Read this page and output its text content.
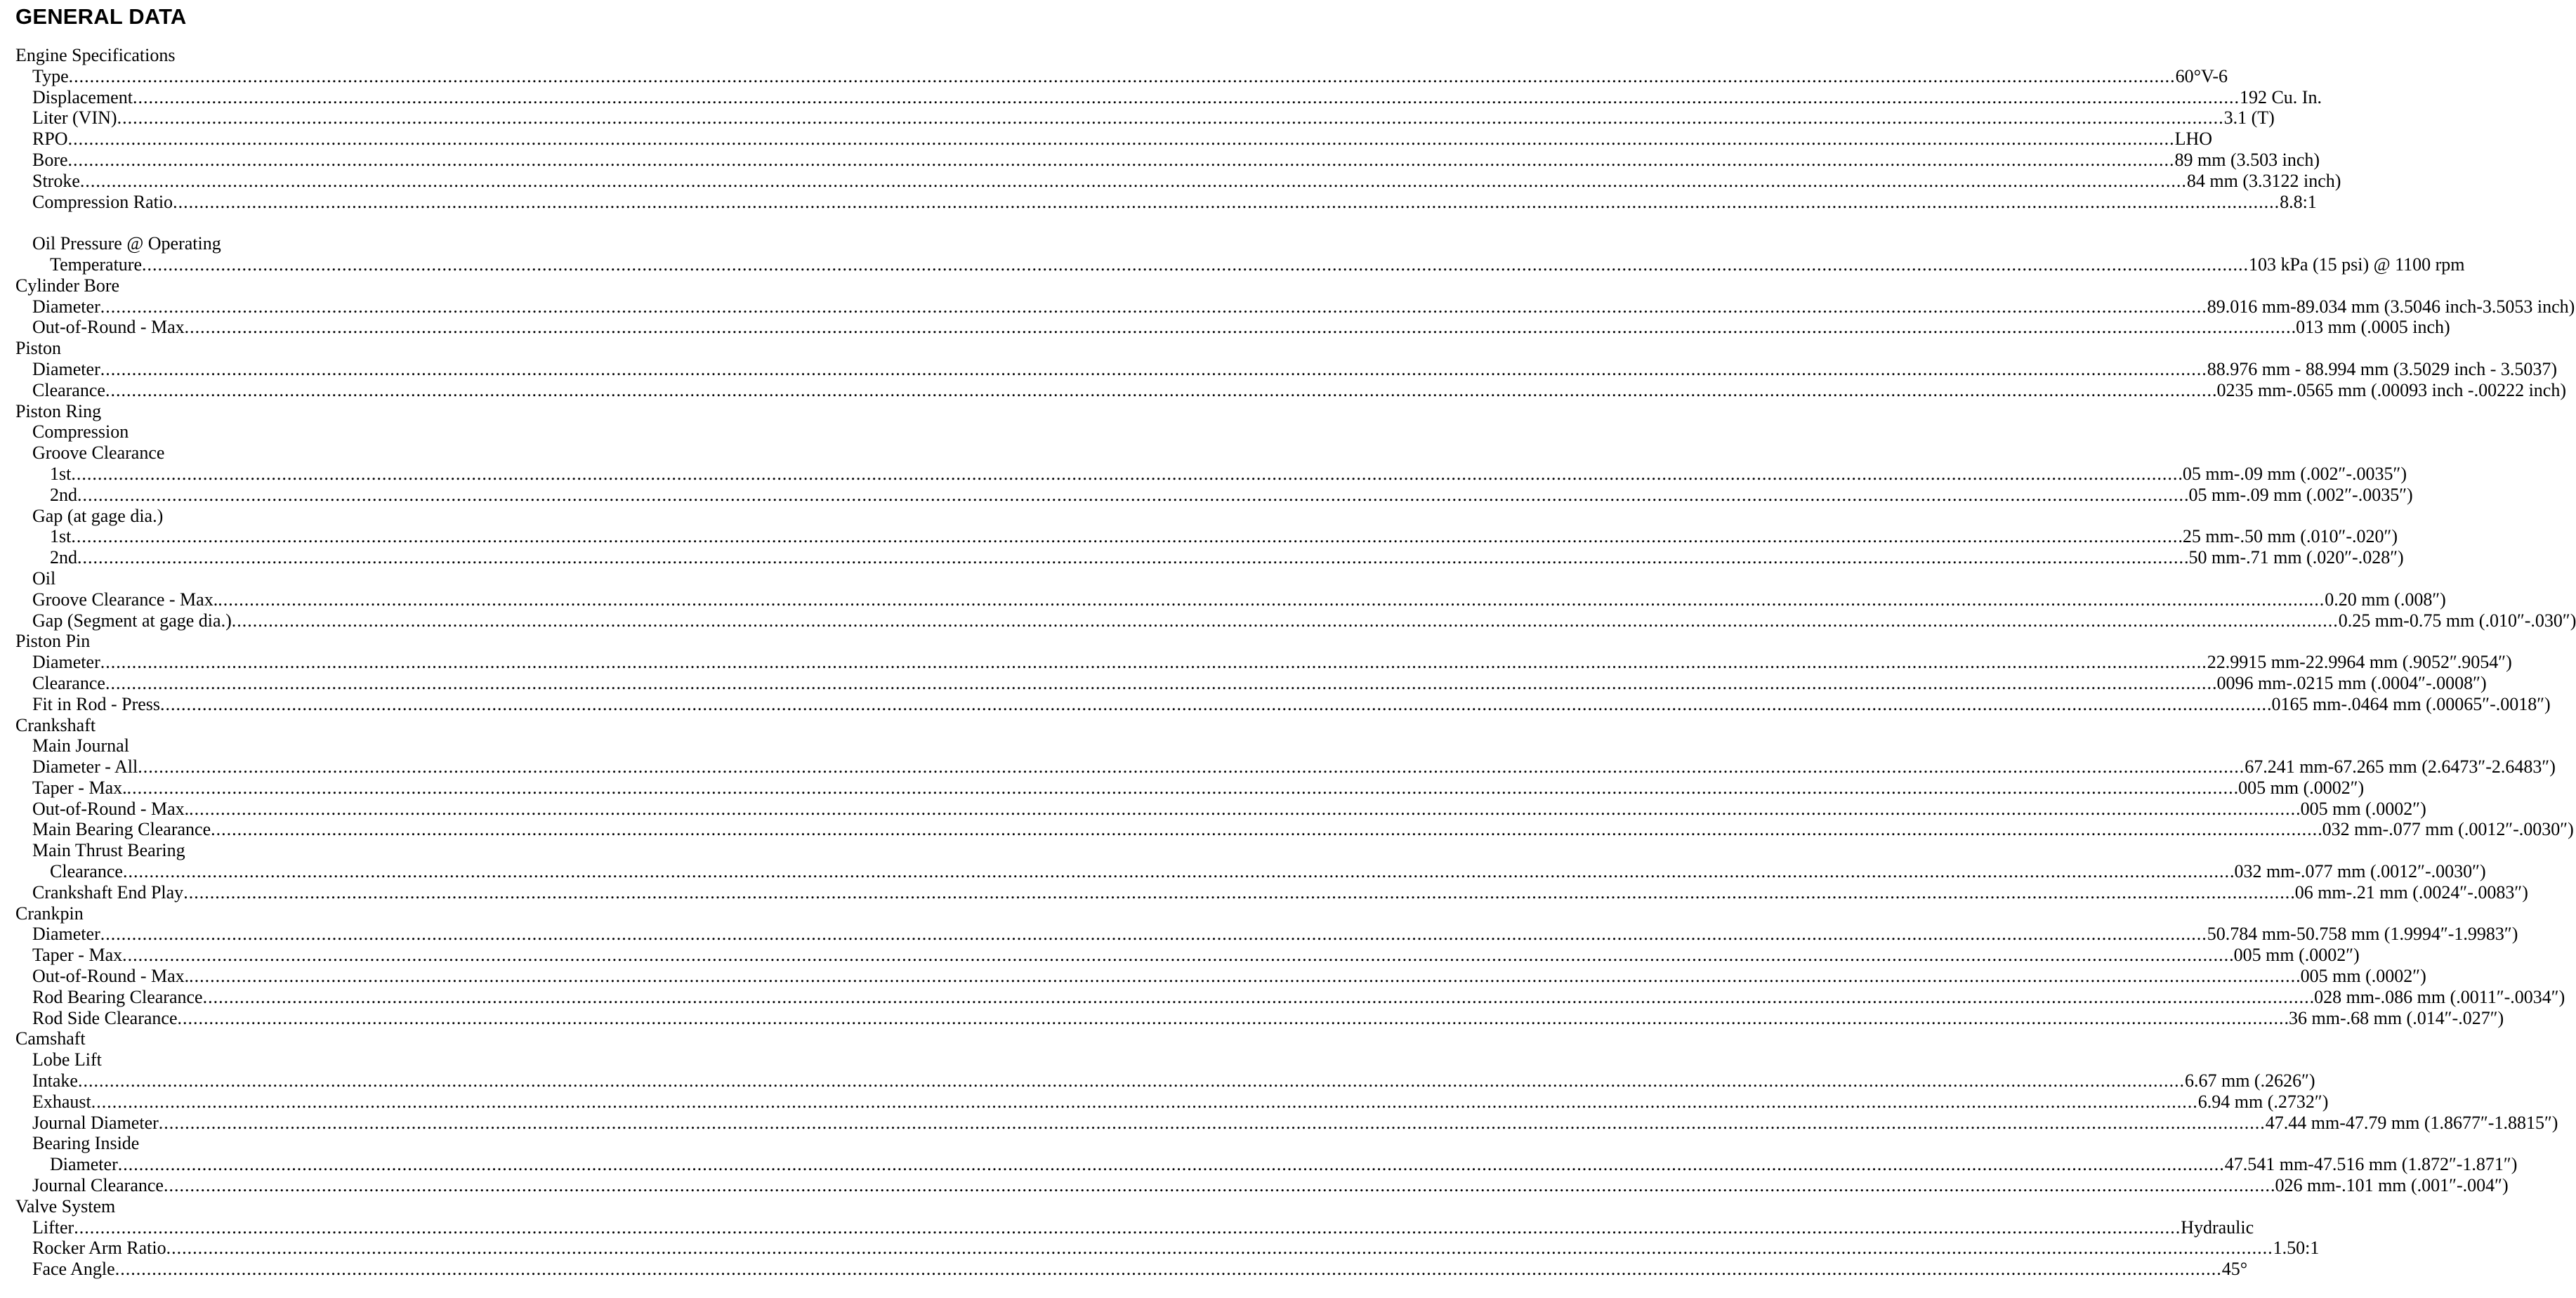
GENERAL DATA
Engine Specifications
Type ................................................................................................................................................................................................................................................................................................................................................................................................................ 60°V-6
Displacement ................................................................................................................................................................................................................................................................................................................................................................................................................ 192 Cu. In.
Liter (VIN) ................................................................................................................................................................................................................................................................................................................................................................................................................ 3.1 (T)
RPO ................................................................................................................................................................................................................................................................................................................................................................................................................ LHO
Bore ................................................................................................................................................................................................................................................................................................................................................................................................................ 89 mm (3.503 inch)
Stroke ................................................................................................................................................................................................................................................................................................................................................................................................................ 84 mm (3.3122 inch)
Compression Ratio ................................................................................................................................................................................................................................................................................................................................................................................................................ 8.8:1
Oil Pressure @ Operating
Temperature ................................................................................................................................................................................................................................................................................................................................................................................................................ 103 kPa (15 psi) @ 1100 rpm
Cylinder Bore
Diameter ................................................................................................................................................................................................................................................................................................................................................................................................................ 89.016 mm-89.034 mm (3.5046 inch-3.5053 inch)
Out-of-Round - Max ................................................................................................................................................................................................................................................................................................................................................................................................................ .013 mm (.0005 inch)
Piston
Diameter ................................................................................................................................................................................................................................................................................................................................................................................................................ 88.976 mm - 88.994 mm (3.5029 inch - 3.5037)
Clearance ................................................................................................................................................................................................................................................................................................................................................................................................................ .0235 mm-.0565 mm (.00093 inch -.00222 inch)
Piston Ring
Compression
Groove Clearance
1st ................................................................................................................................................................................................................................................................................................................................................................................................................ .05 mm-.09 mm (.002″-.0035″)
2nd ................................................................................................................................................................................................................................................................................................................................................................................................................ .05 mm-.09 mm (.002″-.0035″)
Gap (at gage dia.)
1st ................................................................................................................................................................................................................................................................................................................................................................................................................ .25 mm-.50 mm (.010″-.020″)
2nd ................................................................................................................................................................................................................................................................................................................................................................................................................ .50 mm-.71 mm (.020″-.028″)
Oil
Groove Clearance - Max. ................................................................................................................................................................................................................................................................................................................................................................................................................ 0.20 mm (.008″)
Gap (Segment at gage dia.) ................................................................................................................................................................................................................................................................................................................................................................................................................ 0.25 mm-0.75 mm (.010″-.030″)
Piston Pin
Diameter ................................................................................................................................................................................................................................................................................................................................................................................................................ 22.9915 mm-22.9964 mm (.9052″.9054″)
Clearance ................................................................................................................................................................................................................................................................................................................................................................................................................ .0096 mm-.0215 mm (.0004″-.0008″)
Fit in Rod - Press ................................................................................................................................................................................................................................................................................................................................................................................................................ .0165 mm-.0464 mm (.00065″-.0018″)
Crankshaft
Main Journal
Diameter - All ................................................................................................................................................................................................................................................................................................................................................................................................................ 67.241 mm-67.265 mm (2.6473″-2.6483″)
Taper - Max. ................................................................................................................................................................................................................................................................................................................................................................................................................ .005 mm (.0002″)
Out-of-Round - Max. ................................................................................................................................................................................................................................................................................................................................................................................................................ .005 mm (.0002″)
Main Bearing Clearance ................................................................................................................................................................................................................................................................................................................................................................................................................ .032 mm-.077 mm (.0012″-.0030″)
Main Thrust Bearing
Clearance ................................................................................................................................................................................................................................................................................................................................................................................................................ .032 mm-.077 mm (.0012″-.0030″)
Crankshaft End Play ................................................................................................................................................................................................................................................................................................................................................................................................................ .06 mm-.21 mm (.0024″-.0083″)
Crankpin
Diameter ................................................................................................................................................................................................................................................................................................................................................................................................................ 50.784 mm-50.758 mm (1.9994″-1.9983″)
Taper - Max ................................................................................................................................................................................................................................................................................................................................................................................................................ .005 mm (.0002″)
Out-of-Round - Max. ................................................................................................................................................................................................................................................................................................................................................................................................................ .005 mm (.0002″)
Rod Bearing Clearance ................................................................................................................................................................................................................................................................................................................................................................................................................ .028 mm-.086 mm (.0011″-.0034″)
Rod Side Clearance ................................................................................................................................................................................................................................................................................................................................................................................................................ .36 mm-.68 mm (.014″-.027″)
Camshaft
Lobe Lift
Intake ................................................................................................................................................................................................................................................................................................................................................................................................................ 6.67 mm (.2626″)
Exhaust ................................................................................................................................................................................................................................................................................................................................................................................................................ 6.94 mm (.2732″)
Journal Diameter ................................................................................................................................................................................................................................................................................................................................................................................................................ 47.44 mm-47.79 mm (1.8677″-1.8815″)
Bearing Inside
Diameter ................................................................................................................................................................................................................................................................................................................................................................................................................ 47.541 mm-47.516 mm (1.872″-1.871″)
Journal Clearance ................................................................................................................................................................................................................................................................................................................................................................................................................ .026 mm-.101 mm (.001″-.004″)
Valve System
Lifter ................................................................................................................................................................................................................................................................................................................................................................................................................ Hydraulic
Rocker Arm Ratio ................................................................................................................................................................................................................................................................................................................................................................................................................ 1.50:1
Face Angle ................................................................................................................................................................................................................................................................................................................................................................................................................ 45°
